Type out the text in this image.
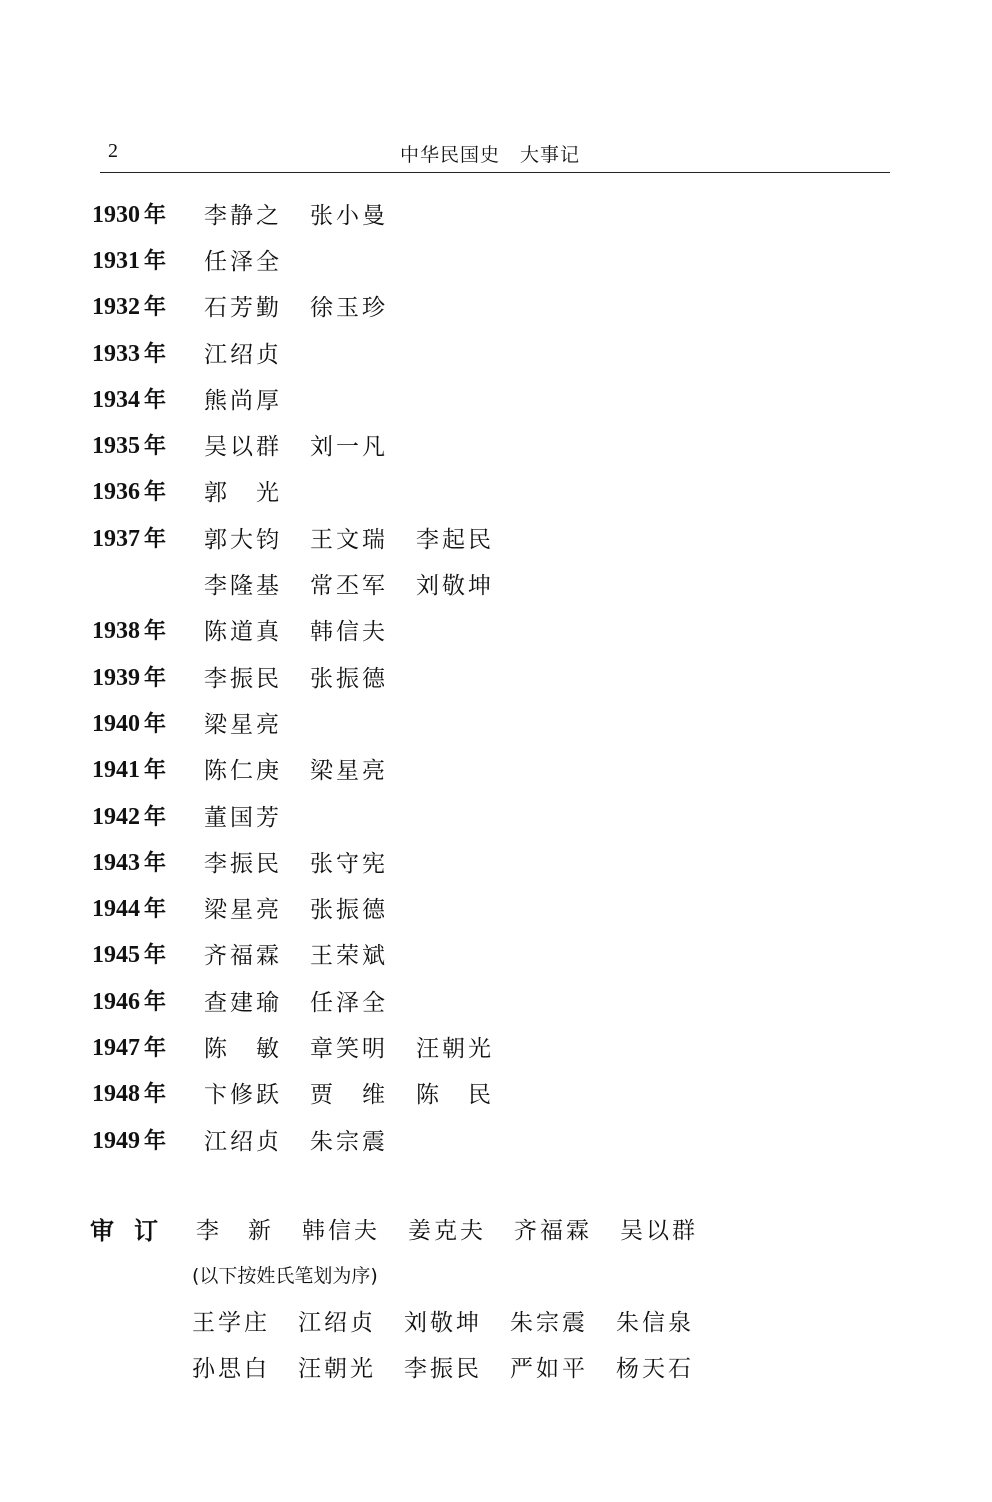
2	中华民国史　大事记
1930 年	李静之	张小曼
1931 年	任泽全
1932 年	石芳勤	徐玉珍
1933 年	江绍贞
1934 年	熊尚厚
1935 年	吴以群	刘一凡
1936 年	郭　光
1937 年	郭大钧	王文瑞	李起民
李隆基	常丕军	刘敬坤
1938 年	陈道真	韩信夫
1939 年	李振民	张振德
1940 年	梁星亮
1941 年	陈仁庚	梁星亮
1942 年	董国芳
1943 年	李振民	张守宪
1944 年	梁星亮	张振德
1945 年	齐福霖	王荣斌
1946 年	查建瑜	任泽全
1947 年	陈　敏	章笑明	汪朝光
1948 年	卞修跃	贾　维	陈　民
1949 年	江绍贞	朱宗震
审订 李　新	韩信夫	姜克夫	齐福霖	吴以群
(以下按姓氏笔划为序)
王学庄	江绍贞	刘敬坤	朱宗震	朱信泉
孙思白	汪朝光	李振民	严如平	杨天石
